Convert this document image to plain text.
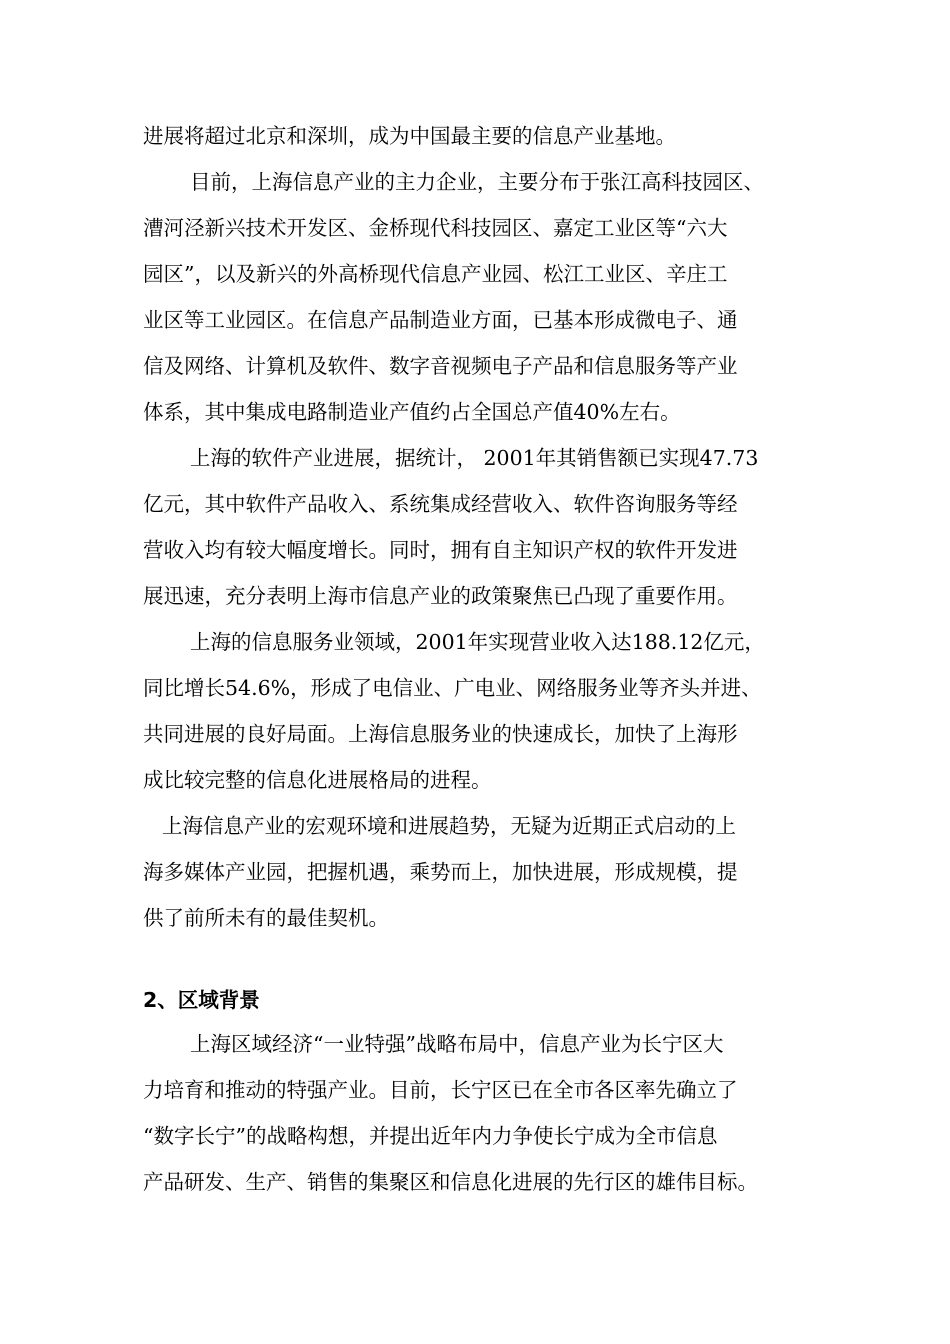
进展将超过北京和深圳，成为中国最主要的信息产业基地。
目前，上海信息产业的主力企业，主要分布于张江高科技园区、
漕河泾新兴技术开发区、金桥现代科技园区、嘉定工业区等“六大
园区”，以及新兴的外高桥现代信息产业园、松江工业区、辛庄工
业区等工业园区。在信息产品制造业方面，已基本形成微电子、通
信及网络、计算机及软件、数字音视频电子产品和信息服务等产业
体系，其中集成电路制造业产值约占全国总产值40%左右。
上海的软件产业进展，据统计， 2001年其销售额已实现47.73
亿元，其中软件产品收入、系统集成经营收入、软件咨询服务等经
营收入均有较大幅度增长。同时，拥有自主知识产权的软件开发进
展迅速，充分表明上海市信息产业的政策聚焦已凸现了重要作用。
上海的信息服务业领域，2001年实现营业收入达188.12亿元，
同比增长54.6%，形成了电信业、广电业、网络服务业等齐头并进、
共同进展的良好局面。上海信息服务业的快速成长，加快了上海形
成比较完整的信息化进展格局的进程。
上海信息产业的宏观环境和进展趋势，无疑为近期正式启动的上
海多媒体产业园，把握机遇，乘势而上，加快进展，形成规模，提
供了前所未有的最佳契机。
2、区域背景
上海区域经济“一业特强”战略布局中，信息产业为长宁区大
力培育和推动的特强产业。目前，长宁区已在全市各区率先确立了
“数字长宁”的战略构想，并提出近年内力争使长宁成为全市信息
产品研发、生产、销售的集聚区和信息化进展的先行区的雄伟目标。
